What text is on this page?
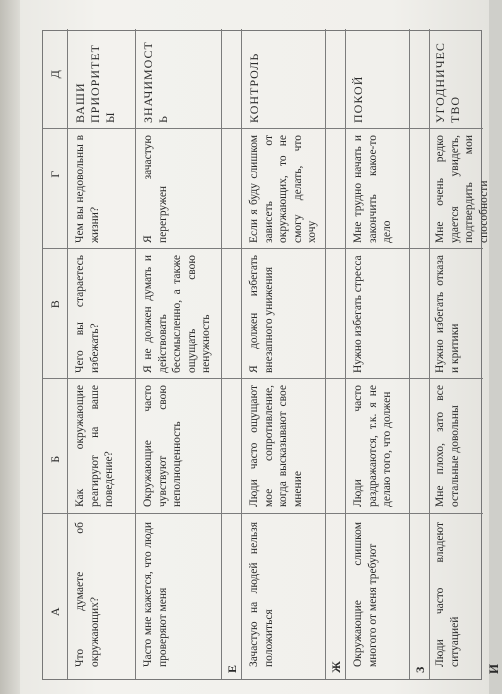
А
Б
В
Г
Д
Что думаете об окружающих?
Как окружающие реагируют на ваше поведение?
Чего вы стараетесь избежать?
Чем вы недовольны в жизни?
ВАШИ ПРИОРИТЕТЫ
Часто мне кажется, что люди проверяют меня
Окружающие часто чувствуют свою неполноценность
Я не должен думать и действовать бессмысленно, а также ощущать свою ненужность
Я зачастую перегружен
ЗНАЧИМОСТЬ
Е
Зачастую на людей нельзя положиться
Люди часто ощущают мое сопротивление, когда высказывают свое мнение
Я должен избегать внезапного унижения
Если я буду слишком зависеть от окружающих, то не смогу делать, что хочу
КОНТРОЛЬ
Ж
Окружающие слишком многого от меня требуют
Люди часто раздражаются, т.к. я не делаю того, что должен
Нужно избегать стресса
Мне трудно начать и закончить какое-то дело
ПОКОЙ
З
Люди часто владеют ситуацией
Мне плохо, зато все остальные довольны
Нужно избегать отказа и критики
Мне очень редко удается увидеть, подтвердить мои способности
УГОДНИЧЕСТВО
И
